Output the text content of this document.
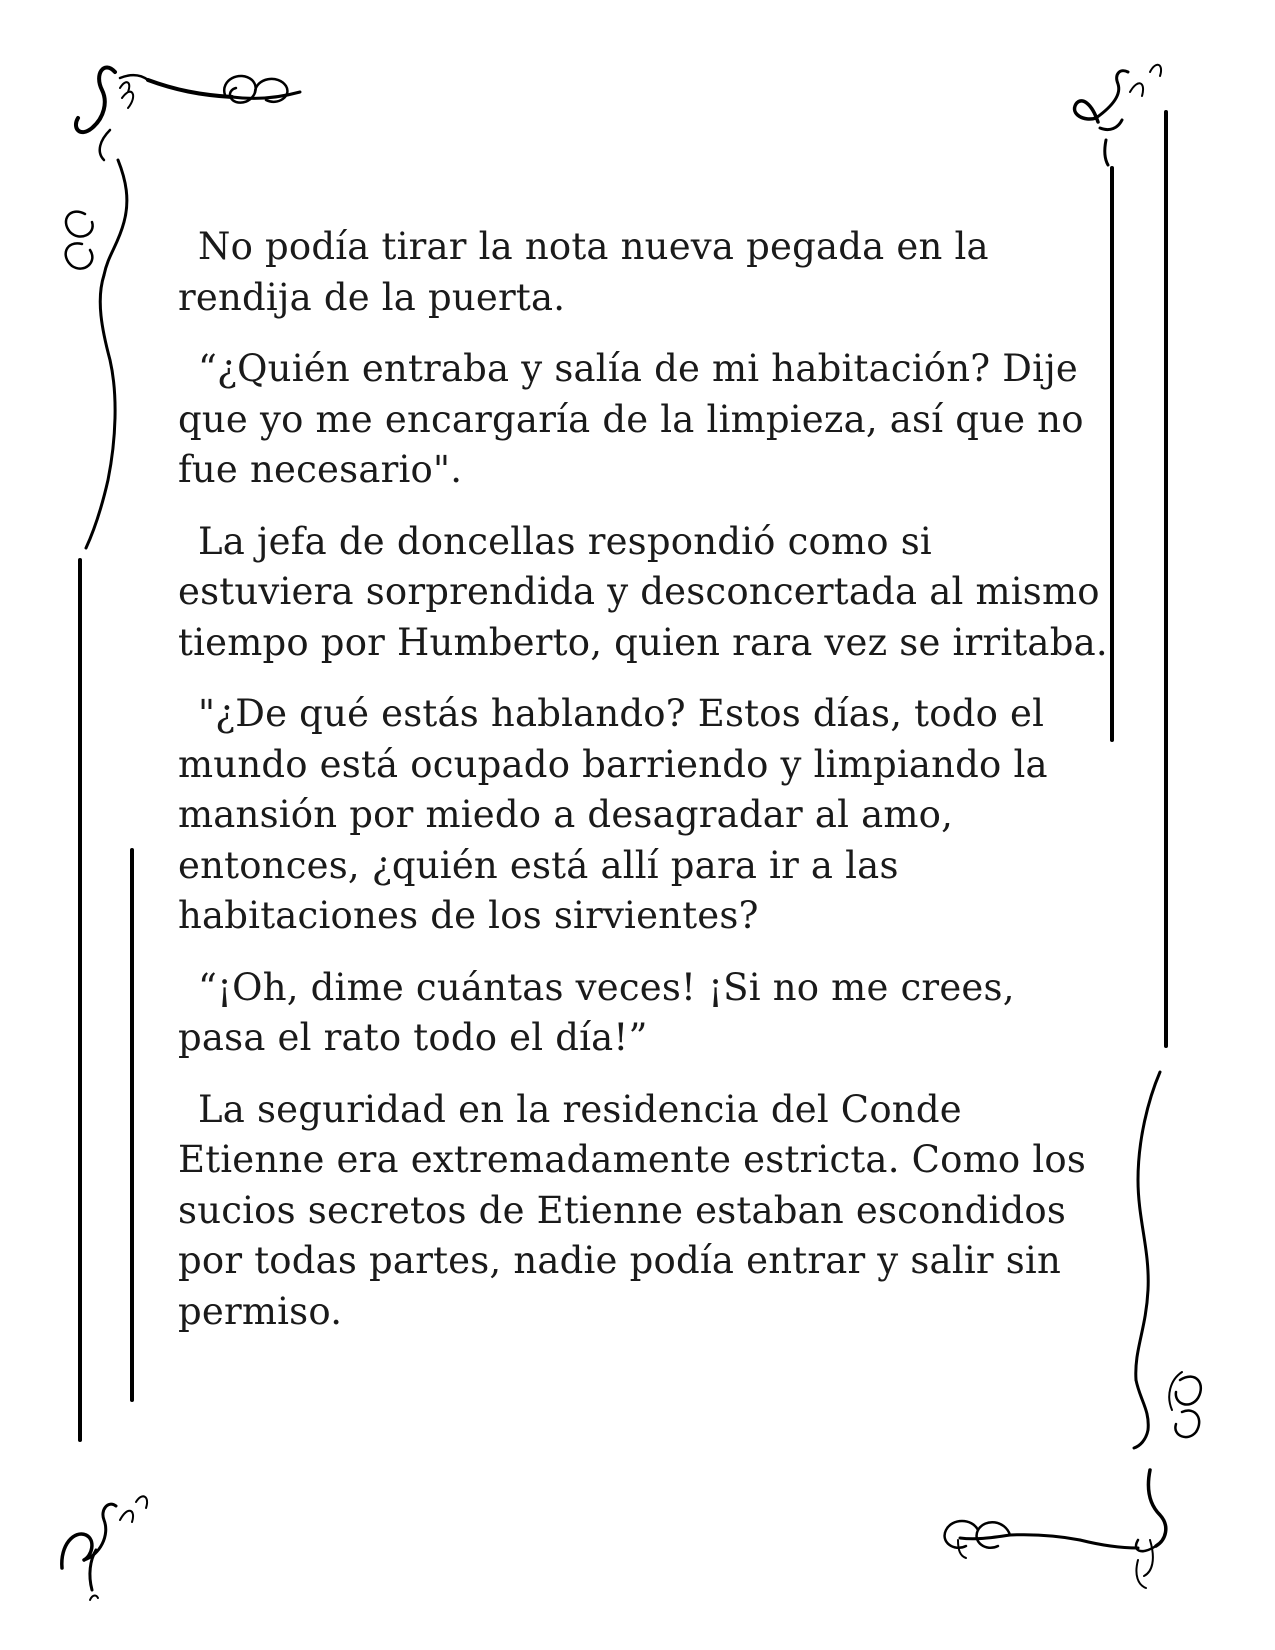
No podía tirar la nota nueva pegada en la rendija de la puerta.

“¿Quién entraba y salía de mi habitación? Dije que yo me encargaría de la limpieza, así que no fue necesario".

La jefa de doncellas respondió como si estuviera sorprendida y desconcertada al mismo tiempo por Humberto, quien rara vez se irritaba.

"¿De qué estás hablando? Estos días, todo el mundo está ocupado barriendo y limpiando la mansión por miedo a desagradar al amo, entonces, ¿quién está allí para ir a las habitaciones de los sirvientes?

“¡Oh, dime cuántas veces! ¡Si no me crees, pasa el rato todo el día!”

La seguridad en la residencia del Conde Etienne era extremadamente estricta. Como los sucios secretos de Etienne estaban escondidos por todas partes, nadie podía entrar y salir sin permiso.
